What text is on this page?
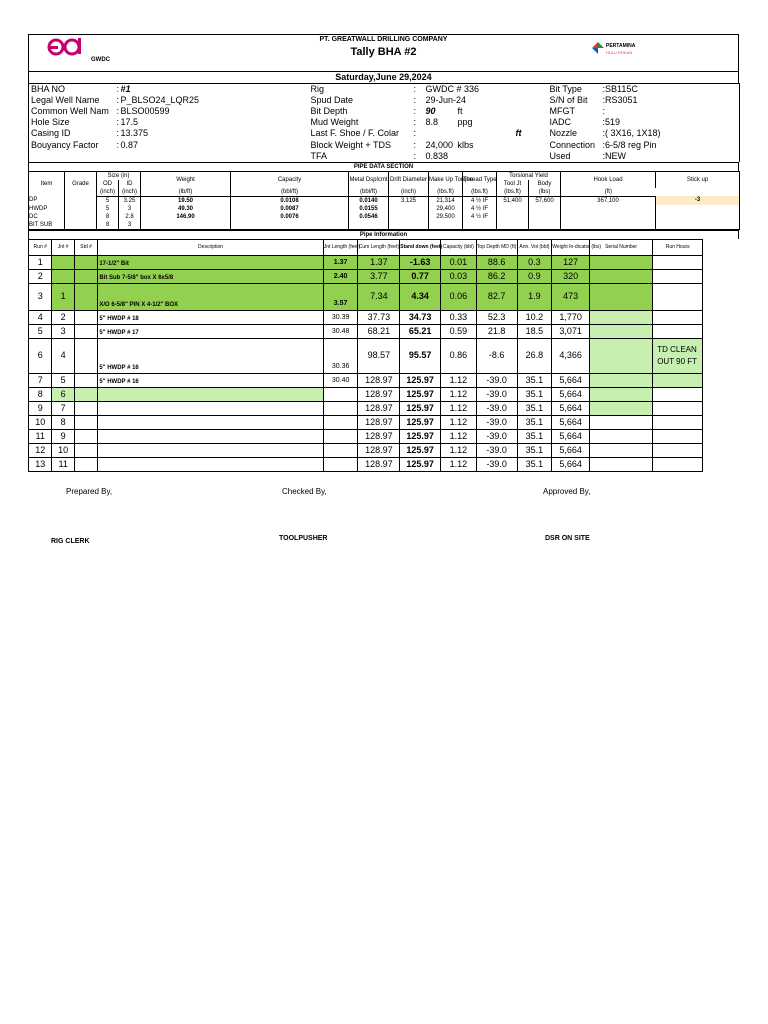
GWDC
PT. GREATWALL DRILLING COMPANY
Tally BHA #2	PERTAMINA
HULU ROKAN
Saturday,June 29,2024
BHA NO	:	#1	Rig	:	GWDC # 336		Bit Type	:SB115C
Legal Well Name	:	P_BLSO24_LQR25	Spud Date	:	29-Jun-24		S/N of Bit	:RS3051
Common Well Nam	:	BLSO00599	Bit Depth	:	90	ft	MFGT	:
Hole Size	:	17.5	Mud Weight	:	8.8	ppg	IADC	:519
Casing ID	:	13.375	Last F. Shoe / F. Colar	:		ft	Nozzle	:( 3X16, 1X18)
Bouyancy Factor	:	0.87	Block Weight + TDS	:	24,000	klbs	Connection	:6-5/8 reg Pin
			TFA	:	0.838		Used	:NEW
PIPE DATA SECTION
Item	Grade	Size (in)		Weight	Capacity	Metal Dsplcmt	Drift Diameter	Make Up Torque	Thread Type	Torsional Yield		Hook Load	Stick up
		OD	ID							Tool Jt	Body		
		(inch)	(inch)	(lb/ft)	(bbl/ft)	(bbl/ft)	(inch)	(lbs.ft)	(lbs.ft)	(lbs.ft)	(lbs)	(ft)	
DP		5	3.25	19.50	0.0108	0.0140	3.125	21,314	4 ½ IF	51,400	57,600	367,100	-3
HWDP		5	3	49.30	0.0087	0.0155		29,400	4 ½ IF				
DC		8	2.8	146.90	0.0076	0.0546		29,500	4 ½ IF				
BIT SUB		8	3										
Pipe Information
Run #	Jnt #	Std #	Description	Jnt Length (feet)	Cum Length (feet)	Stand down (feet)	Capacity (bbl)	Top Depth MD (ft)	Ann. Vol (bbl)	Weight In-dicator (lbs)	Serial Number	Run Hours
1			17-1/2" Bit	1.37	1.37	-1.63	0.01	88.6	0.3	127		
2			Bit Sub 7-5/8" box X 6x5/8	2.40	3.77	0.77	0.03	86.2	0.9	320		
3	1		X/O 6-5/8" PIN X 4-1/2" BOX	3.57	7.34	4.34	0.06	82.7	1.9	473		
4	2		5" HWDP # 18	30.39	37.73	34.73	0.33	52.3	10.2	1,770		
5	3		5" HWDP # 17	30.48	68.21	65.21	0.59	21.8	18.5	3,071		
6	4		5" HWDP # 16	30.36	98.57	95.57	0.86	-8.6	26.8	4,366		TD CLEAN OUT 90 FT
7	5		5" HWDP # 16	30.40	128.97	125.97	1.12	-39.0	35.1	5,664		
8	6				128.97	125.97	1.12	-39.0	35.1	5,664		
9	7				128.97	125.97	1.12	-39.0	35.1	5,664		
10	8				128.97	125.97	1.12	-39.0	35.1	5,664		
11	9				128.97	125.97	1.12	-39.0	35.1	5,664		
12	10				128.97	125.97	1.12	-39.0	35.1	5,664		
13	11				128.97	125.97	1.12	-39.0	35.1	5,664		
Prepared By,	Checked By,	Approved By,
RIG CLERK	TOOLPUSHER	DSR ON SITE
